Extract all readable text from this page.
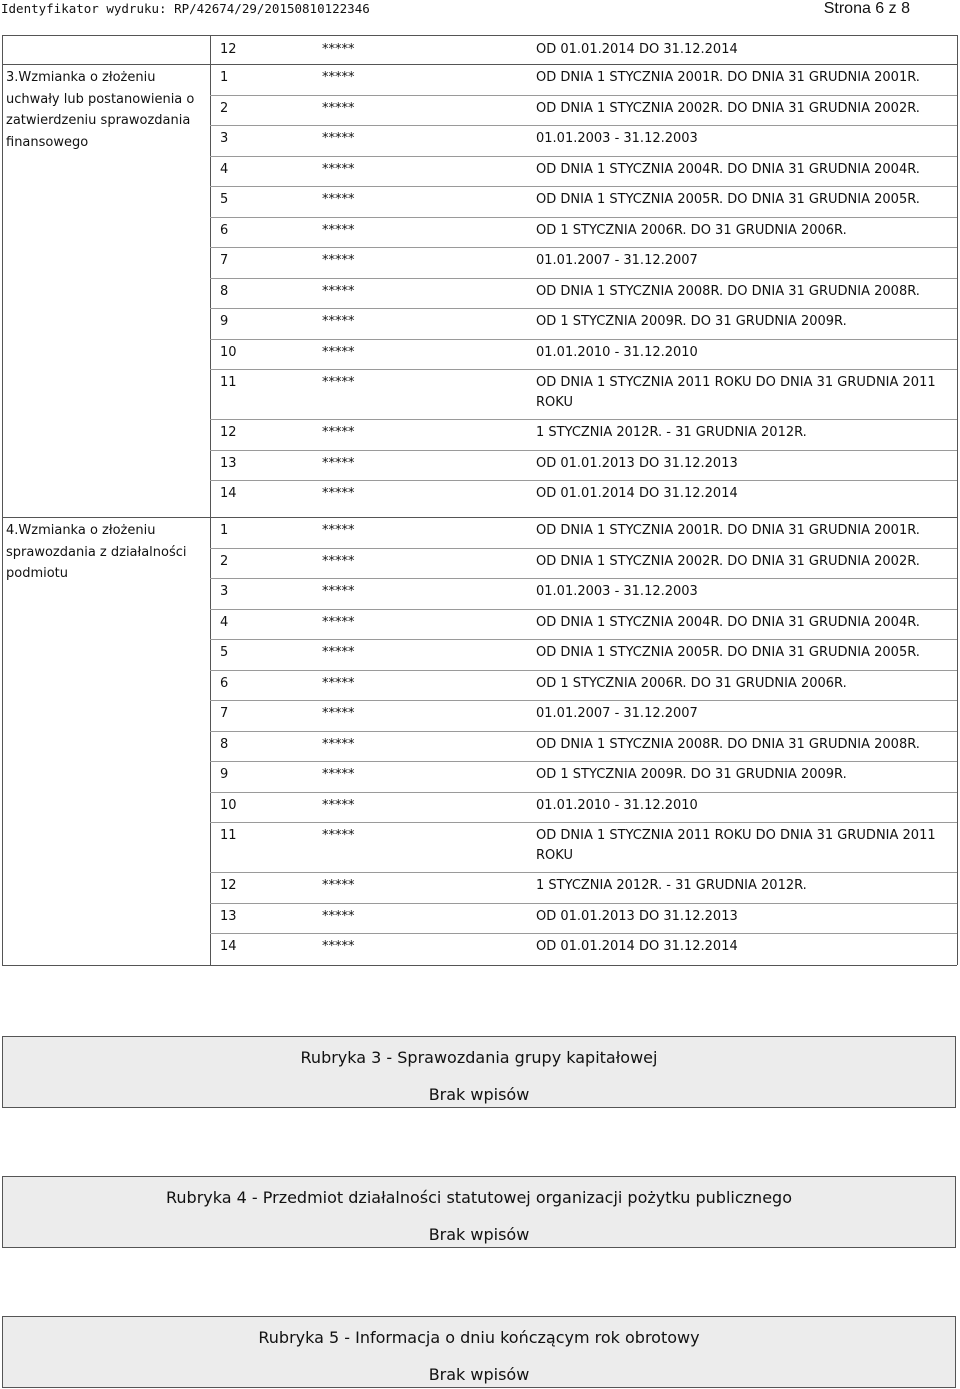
Identyfikator wydruku: RP/42674/29/20150810122346	Strona 6 z 8
12	*****	OD 01.01.2014 DO 31.12.2014
3.Wzmianka o złożeniu uchwały lub postanowienia o zatwierdzeniu sprawozdania finansowego
1	*****	OD DNIA 1 STYCZNIA 2001R. DO DNIA 31 GRUDNIA 2001R.
2	*****	OD DNIA 1 STYCZNIA 2002R. DO DNIA 31 GRUDNIA 2002R.
3	*****	01.01.2003 - 31.12.2003
4	*****	OD DNIA 1 STYCZNIA 2004R. DO DNIA 31 GRUDNIA 2004R.
5	*****	OD DNIA 1 STYCZNIA 2005R. DO DNIA 31 GRUDNIA 2005R.
6	*****	OD 1 STYCZNIA 2006R. DO 31 GRUDNIA 2006R.
7	*****	01.01.2007 - 31.12.2007
8	*****	OD DNIA 1 STYCZNIA 2008R. DO DNIA 31 GRUDNIA 2008R.
9	*****	OD 1 STYCZNIA 2009R. DO 31 GRUDNIA 2009R.
10	*****	01.01.2010 - 31.12.2010
11	*****	OD DNIA 1 STYCZNIA 2011 ROKU DO DNIA 31 GRUDNIA 2011 ROKU
12	*****	1 STYCZNIA 2012R. - 31 GRUDNIA 2012R.
13	*****	OD 01.01.2013 DO 31.12.2013
14	*****	OD 01.01.2014 DO 31.12.2014
4.Wzmianka o złożeniu sprawozdania z działalności podmiotu
1	*****	OD DNIA 1 STYCZNIA 2001R. DO DNIA 31 GRUDNIA 2001R.
2	*****	OD DNIA 1 STYCZNIA 2002R. DO DNIA 31 GRUDNIA 2002R.
3	*****	01.01.2003 - 31.12.2003
4	*****	OD DNIA 1 STYCZNIA 2004R. DO DNIA 31 GRUDNIA 2004R.
5	*****	OD DNIA 1 STYCZNIA 2005R. DO DNIA 31 GRUDNIA 2005R.
6	*****	OD 1 STYCZNIA 2006R. DO 31 GRUDNIA 2006R.
7	*****	01.01.2007 - 31.12.2007
8	*****	OD DNIA 1 STYCZNIA 2008R. DO DNIA 31 GRUDNIA 2008R.
9	*****	OD 1 STYCZNIA 2009R. DO 31 GRUDNIA 2009R.
10	*****	01.01.2010 - 31.12.2010
11	*****	OD DNIA 1 STYCZNIA 2011 ROKU DO DNIA 31 GRUDNIA 2011 ROKU
12	*****	1 STYCZNIA 2012R. - 31 GRUDNIA 2012R.
13	*****	OD 01.01.2013 DO 31.12.2013
14	*****	OD 01.01.2014 DO 31.12.2014
Rubryka 3 - Sprawozdania grupy kapitałowej
Brak wpisów
Rubryka 4 - Przedmiot działalności statutowej organizacji pożytku publicznego
Brak wpisów
Rubryka 5 - Informacja o dniu kończącym rok obrotowy
Brak wpisów
